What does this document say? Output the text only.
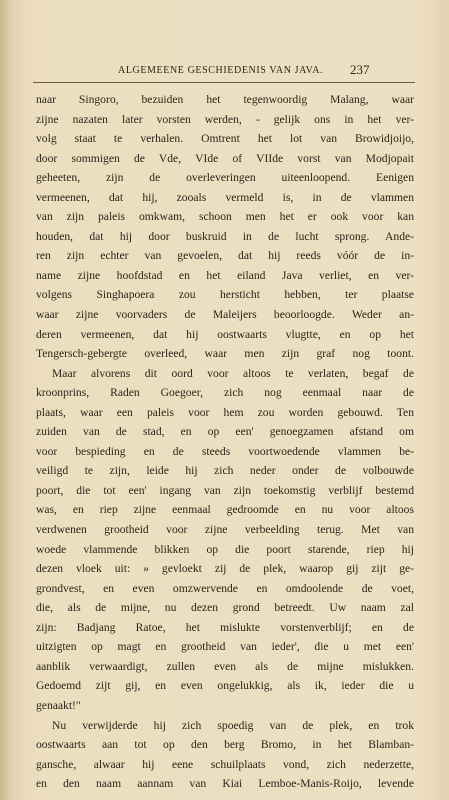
ALGEMEENE GESCHIEDENIS VAN JAVA. 237
naar Singoro, bezuiden het tegenwoordig Malang, waar
zijne nazaten later vorsten werden, - gelijk ons in het ver-
volg staat te verhalen. Omtrent het lot van Browidjoijo,
door sommigen de Vde, VIde of VIIde vorst van Modjopait
geheeten, zijn de overleveringen uiteenloopend. Eenigen
vermeenen, dat hij, zooals vermeld is, in de vlammen
van zijn paleis omkwam, schoon men het er ook voor kan
houden, dat hij door buskruid in de lucht sprong. Ande-
ren zijn echter van gevoelen, dat hij reeds vóór de in-
name zijne hoofdstad en het eiland Java verliet, en ver-
volgens Singhapoera zou hersticht hebben, ter plaatse
waar zijne voorvaders de Maleijers beoorloogde. Weder an-
deren vermeenen, dat hij oostwaarts vlugtte, en op het
Tengersch-gebergte overleed, waar men zijn graf nog toont.
Maar alvorens dit oord voor altoos te verlaten, begaf de
kroonprins, Raden Goegoer, zich nog eenmaal naar de
plaats, waar een paleis voor hem zou worden gebouwd. Ten
zuiden van de stad, en op een' genoegzamen afstand om
voor bespieding en de steeds voortwoedende vlammen be-
veiligd te zijn, leide hij zich neder onder de volbouwde
poort, die tot een' ingang van zijn toekomstig verblijf bestemd
was, en riep zijne eenmaal gedroomde en nu voor altoos
verdwenen grootheid voor zijne verbeelding terug. Met van
woede vlammende blikken op die poort starende, riep hij
dezen vloek uit: » gevloekt zij de plek, waarop gij zijt ge-
grondvest, en even omzwervende en omdoolende de voet,
die, als de mijne, nu dezen grond betreedt. Uw naam zal
zijn: Badjang Ratoe, het mislukte vorstenverblijf; en de
uitzigten op magt en grootheid van ieder', die u met een'
aanblik verwaardigt, zullen even als de mijne mislukken.
Gedoemd zijt gij, en even ongelukkig, als ik, ieder die u
genaakt!"
Nu verwijderde hij zich spoedig van de plek, en trok
oostwaarts aan tot op den berg Bromo, in het Blamban-
gansche, alwaar hij eene schuilplaats vond, zich nederzette,
en den naam aannam van Kiai Lemboe-Manis-Roijo, levende
